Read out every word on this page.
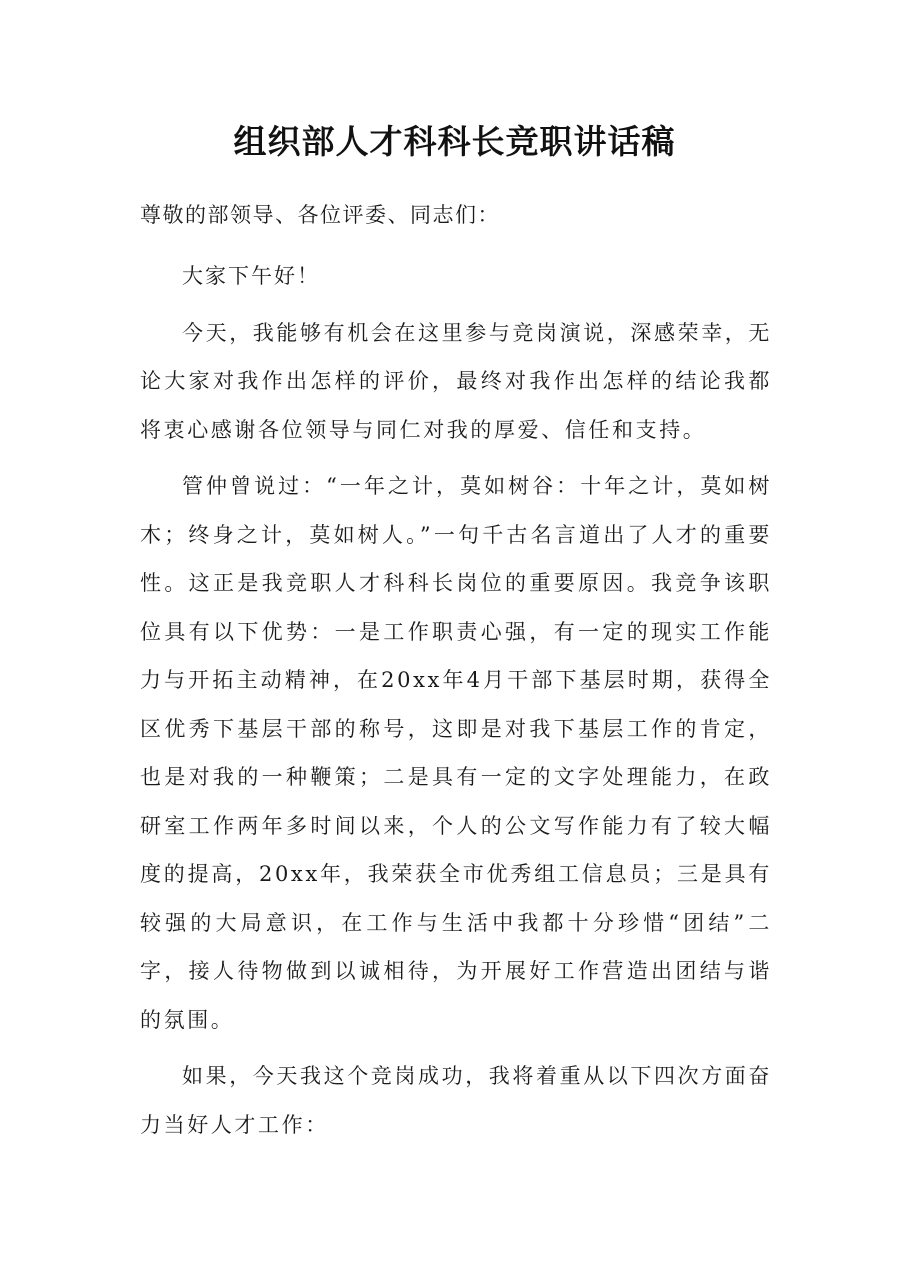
组织部人才科科长竞职讲话稿

尊敬的部领导、各位评委、同志们：

大家下午好！

今天，我能够有机会在这里参与竞岗演说，深感荣幸，无论大家对我作出怎样的评价，最终对我作出怎样的结论我都将衷心感谢各位领导与同仁对我的厚爱、信任和支持。

管仲曾说过：“一年之计，莫如树谷：十年之计，莫如树木；终身之计，莫如树人。”一句千古名言道出了人才的重要性。这正是我竞职人才科科长岗位的重要原因。我竞争该职位具有以下优势：一是工作职责心强，有一定的现实工作能力与开拓主动精神，在20xx年4月干部下基层时期，获得全区优秀下基层干部的称号，这即是对我下基层工作的肯定，也是对我的一种鞭策；二是具有一定的文字处理能力，在政研室工作两年多时间以来，个人的公文写作能力有了较大幅度的提高，20xx年，我荣获全市优秀组工信息员；三是具有较强的大局意识，在工作与生活中我都十分珍惜“团结”二字，接人待物做到以诚相待，为开展好工作营造出团结与谐的氛围。

如果，今天我这个竞岗成功，我将着重从以下四次方面奋力当好人才工作：
